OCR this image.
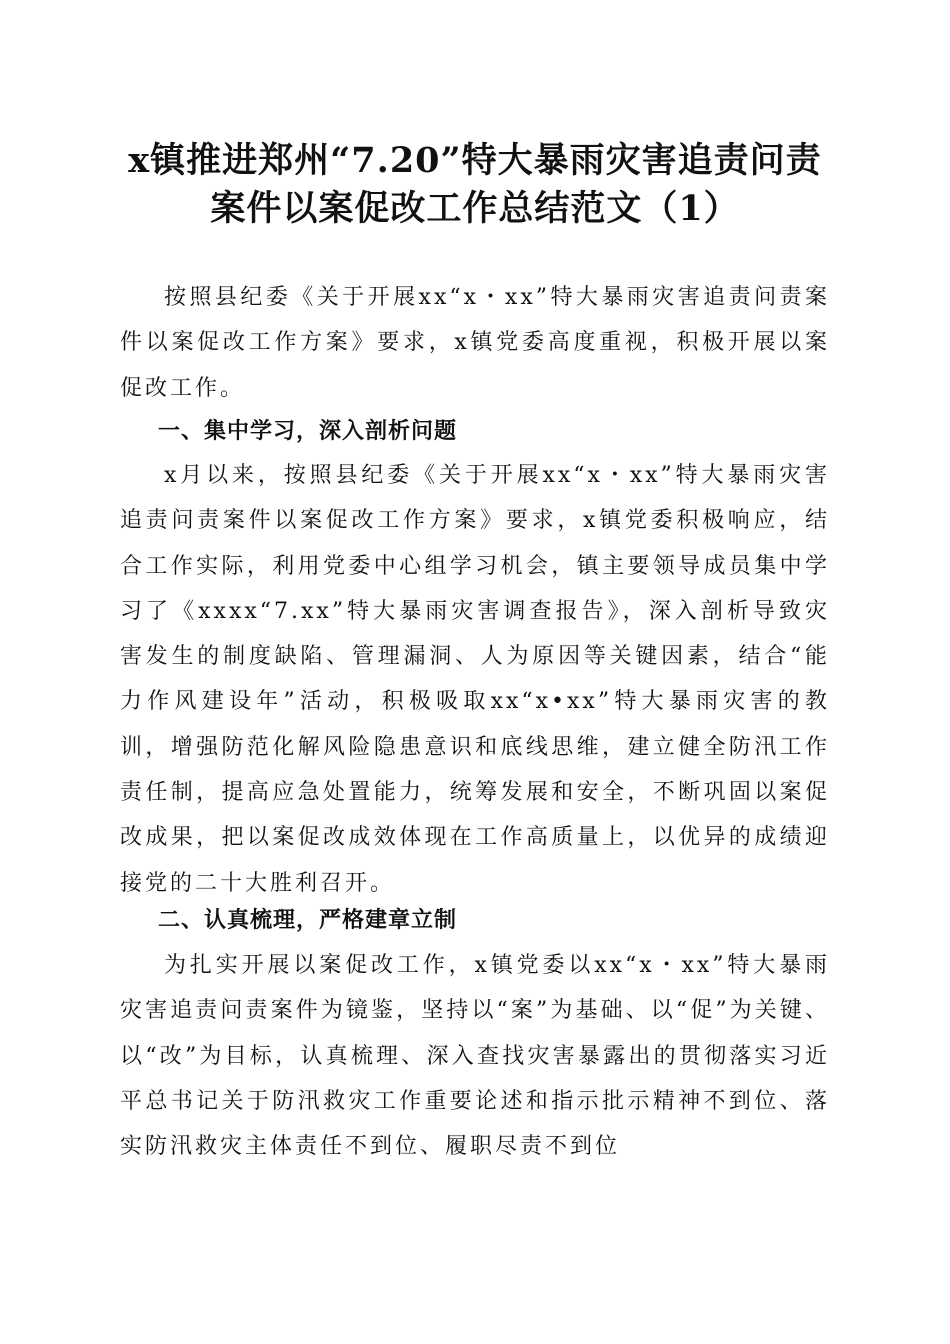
x镇推进郑州“7.20”特大暴雨灾害追责问责
案件以案促改工作总结范文（1）

按照县纪委《关于开展xx“x・xx”特大暴雨灾害追责问责案件以案促改工作方案》要求，x镇党委高度重视，积极开展以案促改工作。

一、集中学习，深入剖析问题

x月以来，按照县纪委《关于开展xx“x・xx”特大暴雨灾害追责问责案件以案促改工作方案》要求，x镇党委积极响应，结合工作实际，利用党委中心组学习机会，镇主要领导成员集中学习了《xxxx“7.xx”特大暴雨灾害调查报告》，深入剖析导致灾害发生的制度缺陷、管理漏洞、人为原因等关键因素，结合“能力作风建设年”活动，积极吸取xx“x•xx”特大暴雨灾害的教训，增强防范化解风险隐患意识和底线思维，建立健全防汛工作责任制，提高应急处置能力，统筹发展和安全，不断巩固以案促改成果，把以案促改成效体现在工作高质量上，以优异的成绩迎接党的二十大胜利召开。

二、认真梳理，严格建章立制

为扎实开展以案促改工作，x镇党委以xx“x・xx”特大暴雨灾害追责问责案件为镜鉴，坚持以“案”为基础、以“促”为关键、以“改”为目标，认真梳理、深入查找灾害暴露出的贯彻落实习近平总书记关于防汛救灾工作重要论述和指示批示精神不到位、落实防汛救灾主体责任不到位、履职尽责不到位
